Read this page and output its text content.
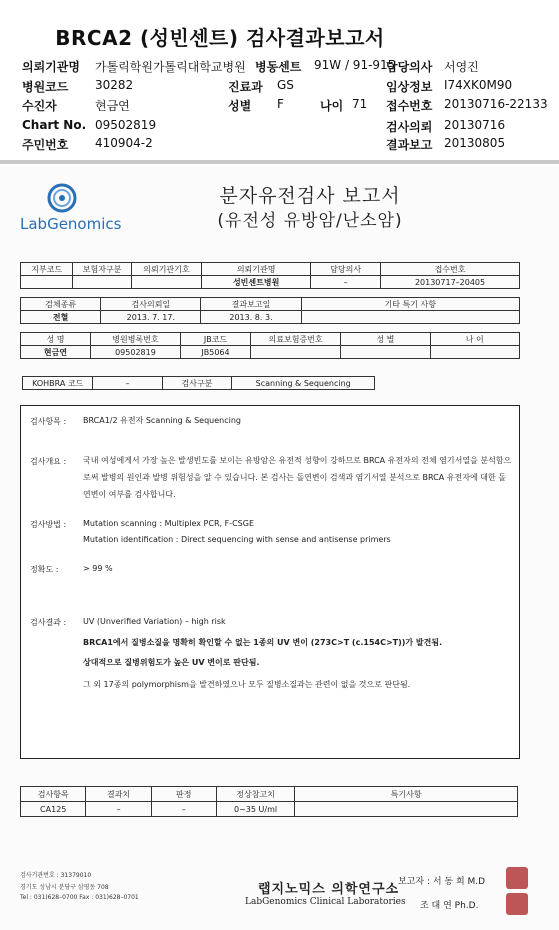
BRCA2 (성빈센트) 검사결과보고서
의뢰기관명 가톨릭학원가톨릭대학교병원 병동센트 91W / 91-915
담당의사 서영진
병원코드 30282	진료과 GS	임상정보 I74XK0M90
수진자	현금연	성별 F	나이 71 접수번호 20130716-22133
Chart No. 09502819	검사의뢰 20130716
주민번호 410904-2	결과보고 20130805
LabGenomics
분자유전검사 보고서
(유전성 유방암/난소암)
지부코드	보험자구분	의뢰기관기호	의뢰기관명	담당의사	접수번호
			성빈센트병원	–	20130717–20405
검체종류	검사의뢰일	결과보고일	기타 특기 사항
전혈	2013. 7. 17.	2013. 8. 3.	
성 명	병원병록번호	JB코드	의료보험증번호	성 별	나 이
현금연	09502819	JB5064			
KOHBRA 코드	–	검사구분	Scanning & Sequencing
검사항목 : BRCA1/2 유전자 Scanning & Sequencing
검사개요 : 국내 여성에게서 가장 높은 발생빈도를 보이는 유방암은 유전적 성향이 강하므로 BRCA 유전자의 전체 염기서열을 분석함으로써 발병의 원인과 발병 위험성을 알 수 있습니다. 본 검사는 돌연변이 검색과 염기서열 분석으로 BRCA 유전자에 대한 돌연변이 여부를 검사합니다.
검사방법 : Mutation scanning : Multiplex PCR, F-CSGE
Mutation identification : Direct sequencing with sense and antisense primers
정확도 :	> 99 %
검사결과 : UV (Unverified Variation) – high risk
BRCA1에서 질병소질을 명확히 확인할 수 없는 1종의 UV 변이 (273C>T (c.154C>T))가 발견됨.
상대적으로 질병위험도가 높은 UV 변이로 판단됨.
그 외 17종의 polymorphism을 발견하였으나 모두 질병소질과는 관련이 없을 것으로 판단됨.
검사항목	결과치	판정	정상참고치	특기사항
CA125	–	–	0~35 U/ml	
검사기관번호 : 31379010
경기도 성남시 분당구 삼평동 708
Tel : 031)628–0700 Fax : 031)628–0701
랩지노믹스 의학연구소
LabGenomics Clinical Laboratories
보고자 : 서 동 희 M.D
조 대 연 Ph.D.
